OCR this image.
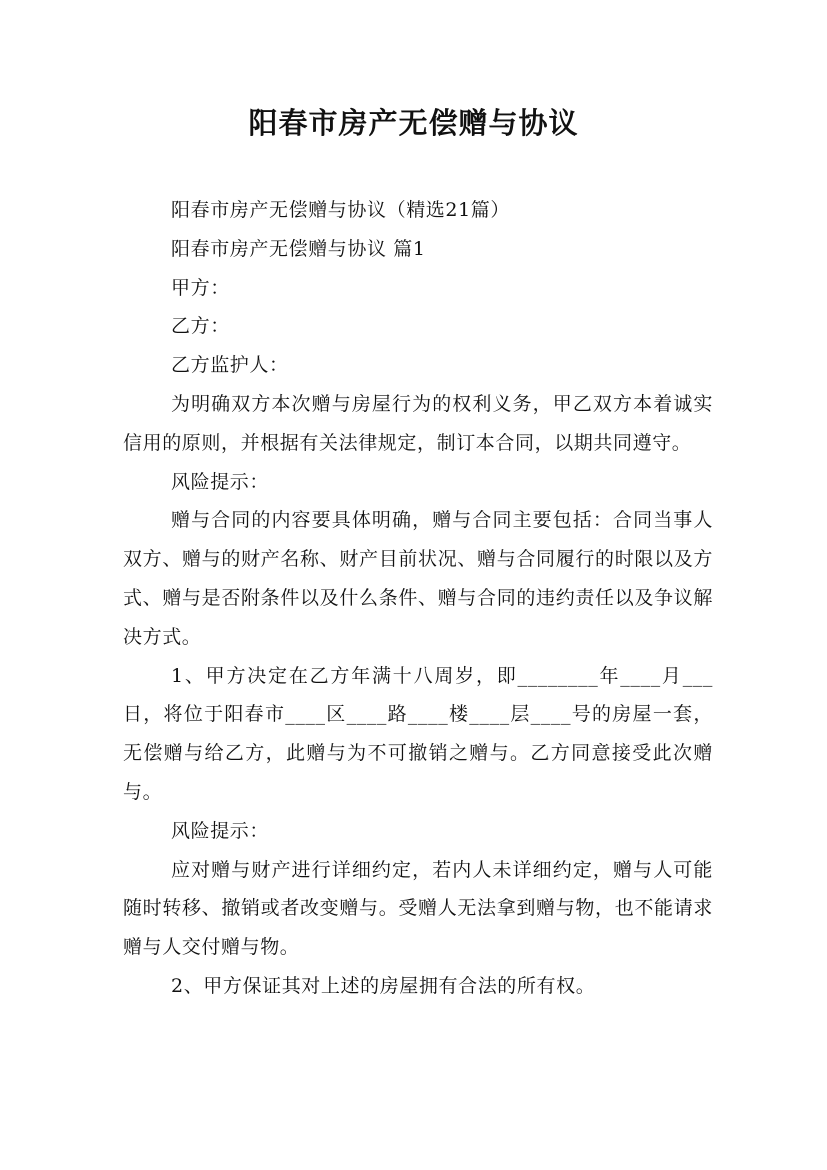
阳春市房产无偿赠与协议

阳春市房产无偿赠与协议（精选21篇）

阳春市房产无偿赠与协议 篇1

甲方：

乙方：

乙方监护人：

为明确双方本次赠与房屋行为的权利义务，甲乙双方本着诚实信用的原则，并根据有关法律规定，制订本合同，以期共同遵守。

风险提示：

赠与合同的内容要具体明确，赠与合同主要包括：合同当事人双方、赠与的财产名称、财产目前状况、赠与合同履行的时限以及方式、赠与是否附条件以及什么条件、赠与合同的违约责任以及争议解决方式。

1、甲方决定在乙方年满十八周岁，即________年____月___日，将位于阳春市____区____路____楼____层____号的房屋一套，无偿赠与给乙方，此赠与为不可撤销之赠与。乙方同意接受此次赠与。

风险提示：

应对赠与财产进行详细约定，若内人未详细约定，赠与人可能随时转移、撤销或者改变赠与。受赠人无法拿到赠与物，也不能请求赠与人交付赠与物。

2、甲方保证其对上述的房屋拥有合法的所有权。
